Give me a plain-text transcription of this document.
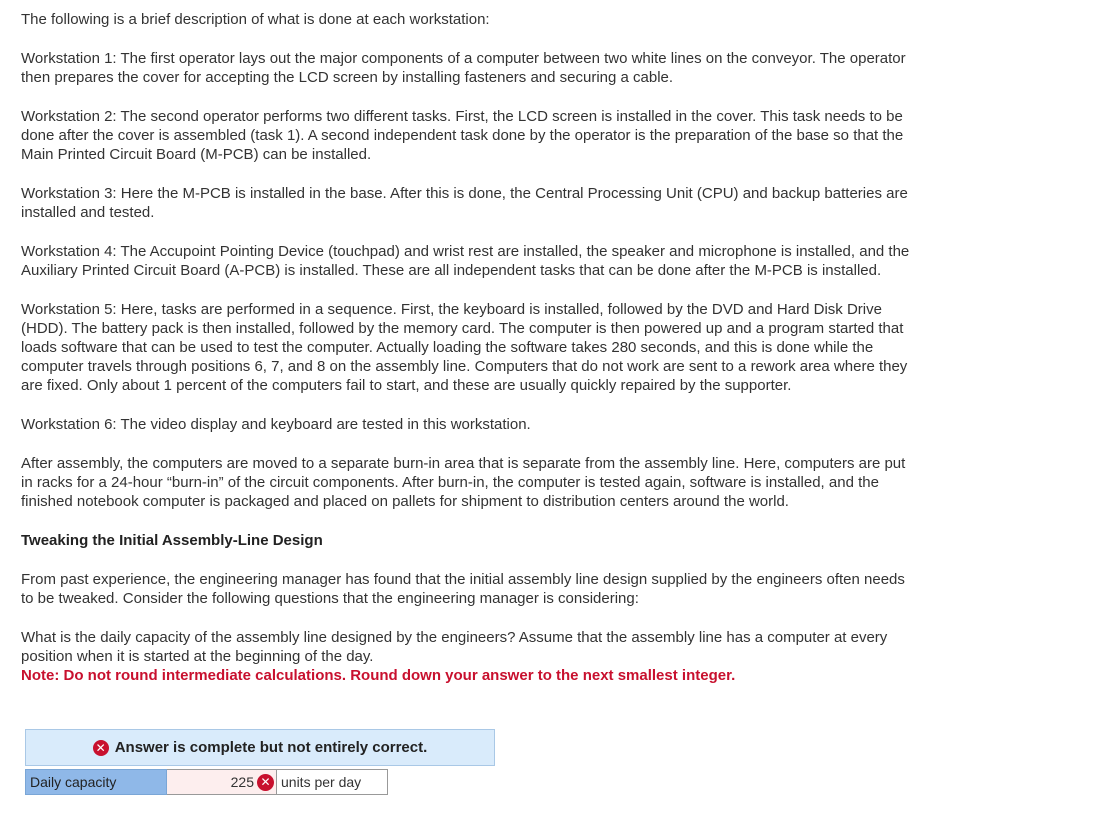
The following is a brief description of what is done at each workstation:

Workstation 1: The first operator lays out the major components of a computer between two white lines on the conveyor. The operator
then prepares the cover for accepting the LCD screen by installing fasteners and securing a cable.

Workstation 2: The second operator performs two different tasks. First, the LCD screen is installed in the cover. This task needs to be
done after the cover is assembled (task 1). A second independent task done by the operator is the preparation of the base so that the
Main Printed Circuit Board (M-PCB) can be installed.

Workstation 3: Here the M-PCB is installed in the base. After this is done, the Central Processing Unit (CPU) and backup batteries are
installed and tested.

Workstation 4: The Accupoint Pointing Device (touchpad) and wrist rest are installed, the speaker and microphone is installed, and the
Auxiliary Printed Circuit Board (A-PCB) is installed. These are all independent tasks that can be done after the M-PCB is installed.

Workstation 5: Here, tasks are performed in a sequence. First, the keyboard is installed, followed by the DVD and Hard Disk Drive
(HDD). The battery pack is then installed, followed by the memory card. The computer is then powered up and a program started that
loads software that can be used to test the computer. Actually loading the software takes 280 seconds, and this is done while the
computer travels through positions 6, 7, and 8 on the assembly line. Computers that do not work are sent to a rework area where they
are fixed. Only about 1 percent of the computers fail to start, and these are usually quickly repaired by the supporter.

Workstation 6: The video display and keyboard are tested in this workstation.

After assembly, the computers are moved to a separate burn-in area that is separate from the assembly line. Here, computers are put
in racks for a 24-hour “burn-in” of the circuit components. After burn-in, the computer is tested again, software is installed, and the
finished notebook computer is packaged and placed on pallets for shipment to distribution centers around the world.

Tweaking the Initial Assembly-Line Design

From past experience, the engineering manager has found that the initial assembly line design supplied by the engineers often needs
to be tweaked. Consider the following questions that the engineering manager is considering:

What is the daily capacity of the assembly line designed by the engineers? Assume that the assembly line has a computer at every
position when it is started at the beginning of the day.

Note: Do not round intermediate calculations. Round down your answer to the next smallest integer.

✕ Answer is complete but not entirely correct.
Daily capacity	225 ✕ units per day
